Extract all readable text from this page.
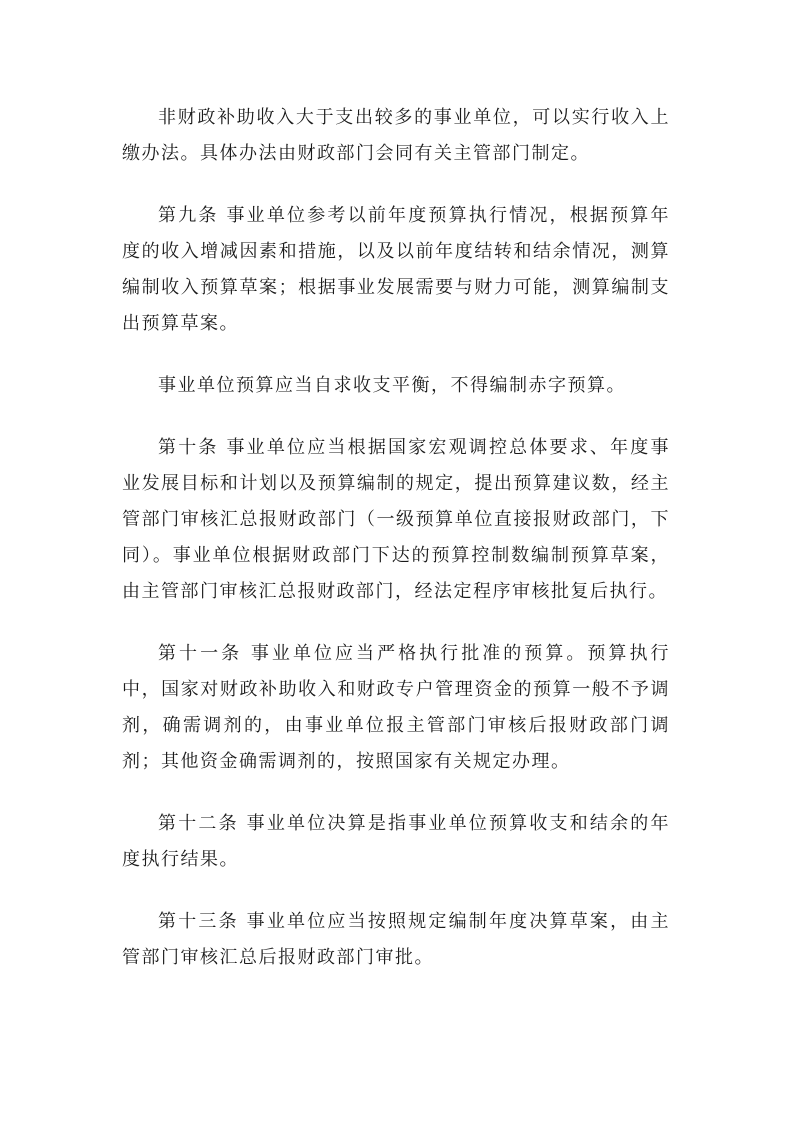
非财政补助收入大于支出较多的事业单位，可以实行收入上缴办法。具体办法由财政部门会同有关主管部门制定。

第九条 事业单位参考以前年度预算执行情况，根据预算年度的收入增减因素和措施，以及以前年度结转和结余情况，测算编制收入预算草案；根据事业发展需要与财力可能，测算编制支出预算草案。

事业单位预算应当自求收支平衡，不得编制赤字预算。

第十条 事业单位应当根据国家宏观调控总体要求、年度事业发展目标和计划以及预算编制的规定，提出预算建议数，经主管部门审核汇总报财政部门（一级预算单位直接报财政部门，下同）。事业单位根据财政部门下达的预算控制数编制预算草案，由主管部门审核汇总报财政部门，经法定程序审核批复后执行。

第十一条 事业单位应当严格执行批准的预算。预算执行中，国家对财政补助收入和财政专户管理资金的预算一般不予调剂，确需调剂的，由事业单位报主管部门审核后报财政部门调剂；其他资金确需调剂的，按照国家有关规定办理。

第十二条 事业单位决算是指事业单位预算收支和结余的年度执行结果。

第十三条 事业单位应当按照规定编制年度决算草案，由主管部门审核汇总后报财政部门审批。
